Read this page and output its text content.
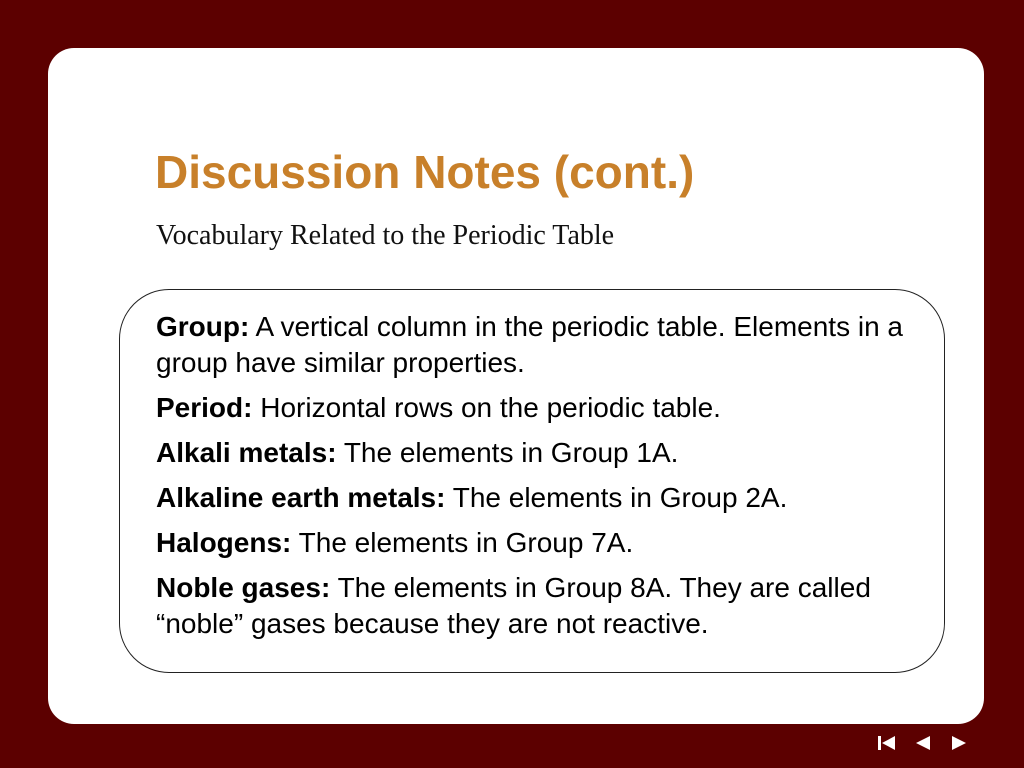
Discussion Notes (cont.)
Vocabulary Related to the Periodic Table
Group: A vertical column in the periodic table. Elements in a group have similar properties.
Period: Horizontal rows on the periodic table.
Alkali metals: The elements in Group 1A.
Alkaline earth metals: The elements in Group 2A.
Halogens: The elements in Group 7A.
Noble gases: The elements in Group 8A. They are called “noble” gases because they are not reactive.
